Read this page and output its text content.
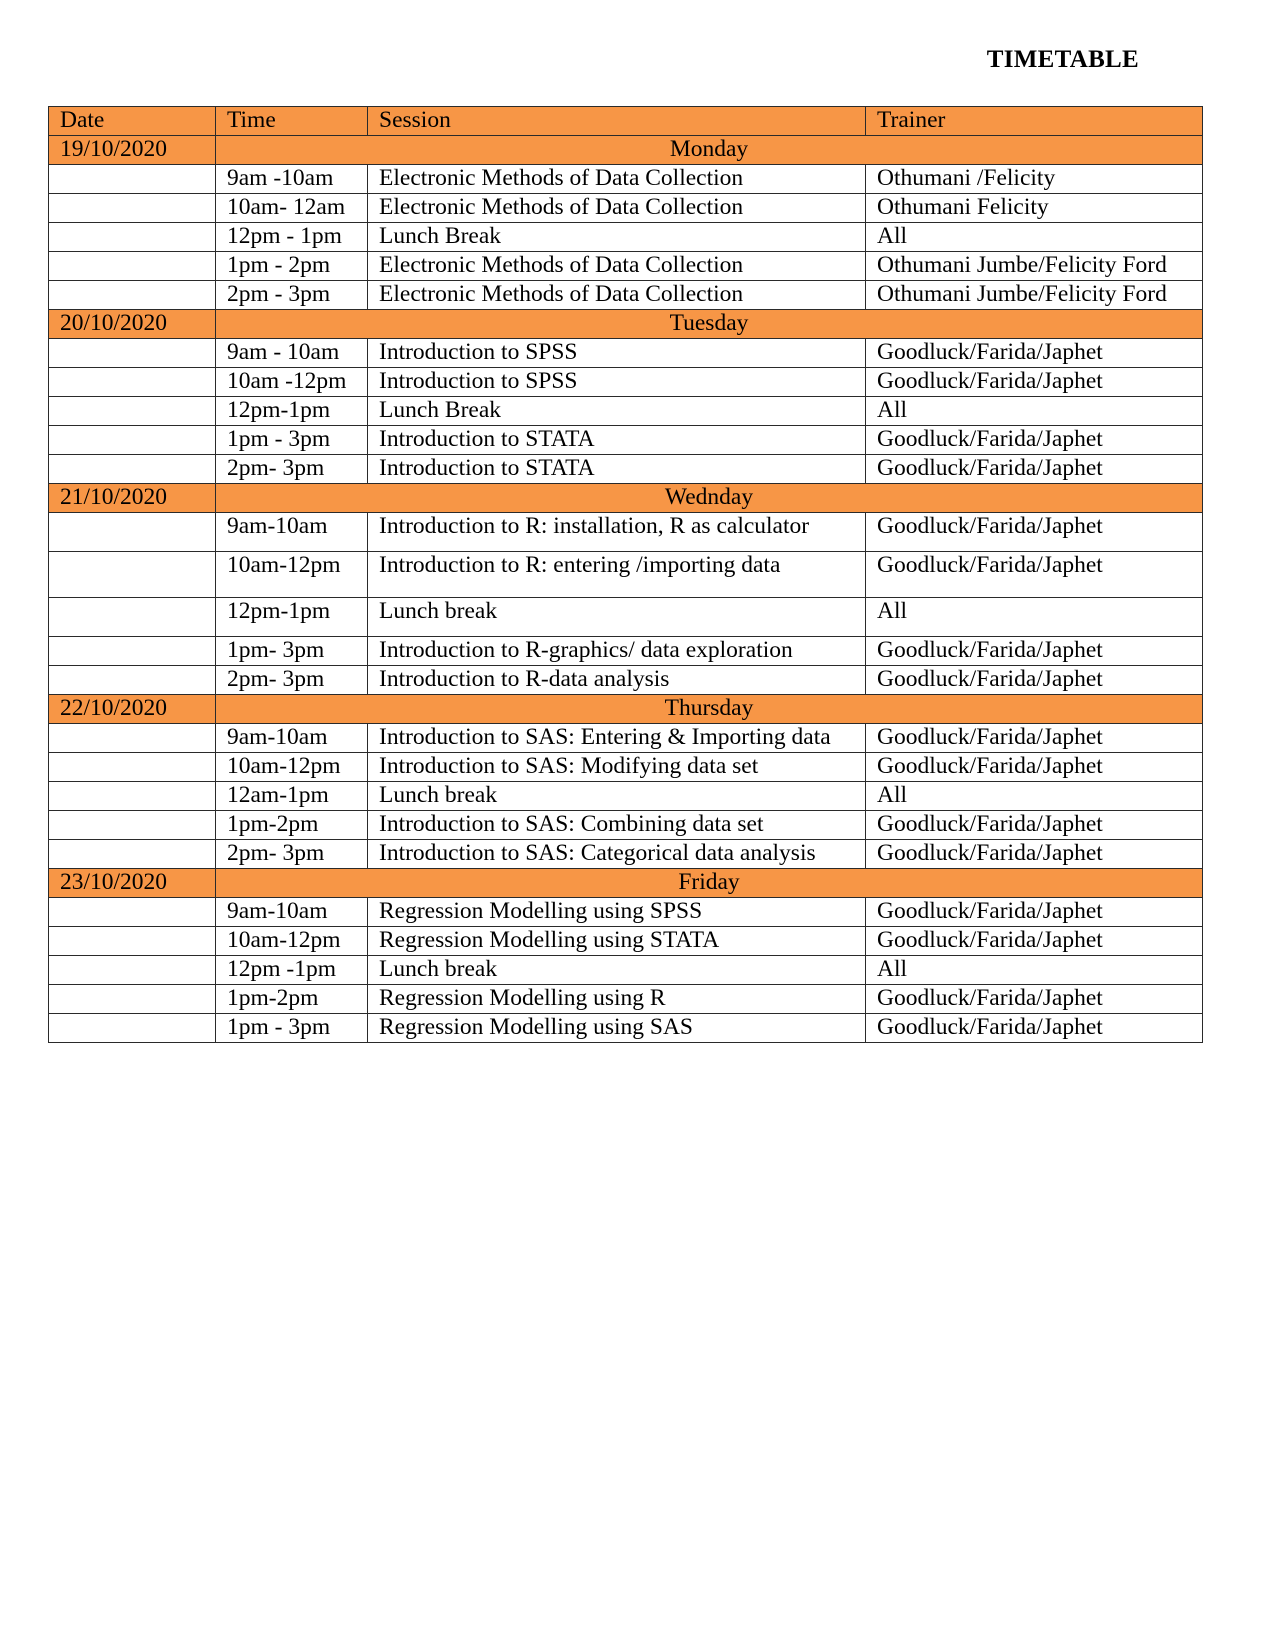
TIMETABLE
Date	Time	Session	Trainer
19/10/2020	Monday		
	9am -10am	Electronic Methods of Data Collection	Othumani /Felicity
	10am- 12am	Electronic Methods of Data Collection	Othumani Felicity
	12pm - 1pm	Lunch Break	All
	1pm - 2pm	Electronic Methods of Data Collection	Othumani Jumbe/Felicity Ford
	2pm - 3pm	Electronic Methods of Data Collection	Othumani Jumbe/Felicity Ford
20/10/2020	Tuesday		
	9am - 10am	Introduction to SPSS	Goodluck/Farida/Japhet
	10am -12pm	Introduction to SPSS	Goodluck/Farida/Japhet
	12pm-1pm	Lunch Break	All
	1pm - 3pm	Introduction to STATA	Goodluck/Farida/Japhet
	2pm- 3pm	Introduction to STATA	Goodluck/Farida/Japhet
21/10/2020	Wednday		
	9am-10am	Introduction to R: installation, R as calculator	Goodluck/Farida/Japhet
	10am-12pm	Introduction to R: entering /importing data	Goodluck/Farida/Japhet
	12pm-1pm	Lunch break	All
	1pm- 3pm	Introduction to R-graphics/ data exploration	Goodluck/Farida/Japhet
	2pm- 3pm	Introduction to R-data analysis	Goodluck/Farida/Japhet
22/10/2020	Thursday		
	9am-10am	Introduction to SAS: Entering & Importing data	Goodluck/Farida/Japhet
	10am-12pm	Introduction to SAS: Modifying data set	Goodluck/Farida/Japhet
	12am-1pm	Lunch break	All
	1pm-2pm	Introduction to SAS: Combining data set	Goodluck/Farida/Japhet
	2pm- 3pm	Introduction to SAS: Categorical data analysis	Goodluck/Farida/Japhet
23/10/2020	Friday		
	9am-10am	Regression Modelling using SPSS	Goodluck/Farida/Japhet
	10am-12pm	Regression Modelling using STATA	Goodluck/Farida/Japhet
	12pm -1pm	Lunch break	All
	1pm-2pm	Regression Modelling using R	Goodluck/Farida/Japhet
	1pm - 3pm	Regression Modelling using SAS	Goodluck/Farida/Japhet
